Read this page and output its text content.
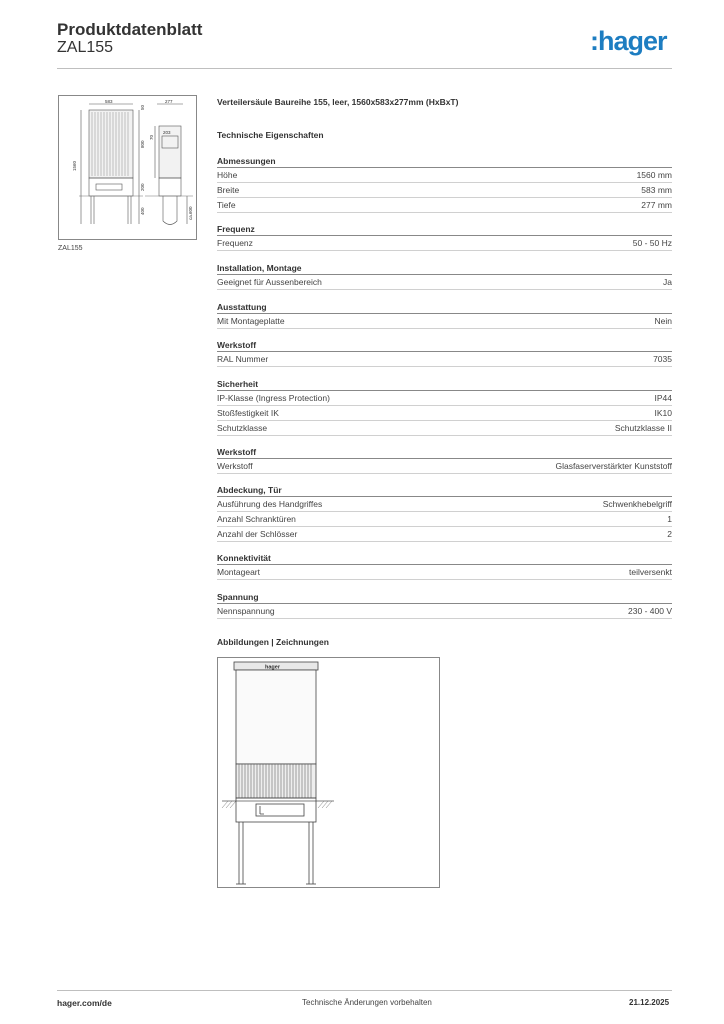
Produktdatenblatt
ZAL155	:hager
583	277
1560
800
200
400
50
203
70
ca.600
ZAL155
Verteilersäule Baureihe 155, leer, 1560x583x277mm (HxBxT)
Technische Eigenschaften
Abmessungen
Höhe	1560 mm
Breite	583 mm
Tiefe	277 mm
Frequenz
Frequenz	50 - 50 Hz
Installation, Montage
Geeignet für Aussenbereich	Ja
Ausstattung
Mit Montageplatte	Nein
Werkstoff
RAL Nummer	7035
Sicherheit
IP-Klasse (Ingress Protection)	IP44
Stoßfestigkeit IK	IK10
Schutzklasse	Schutzklasse II
Werkstoff
Werkstoff	Glasfaserverstärkter Kunststoff
Abdeckung, Tür
Ausführung des Handgriffes	Schwenkhebelgriff
Anzahl Schranktüren	1
Anzahl der Schlösser	2
Konnektivität
Montageart	teilversenkt
Spannung
Nennspannung	230 - 400 V
Abbildungen | Zeichnungen
hager
hager.com/de	Technische Änderungen vorbehalten	21.12.2025
